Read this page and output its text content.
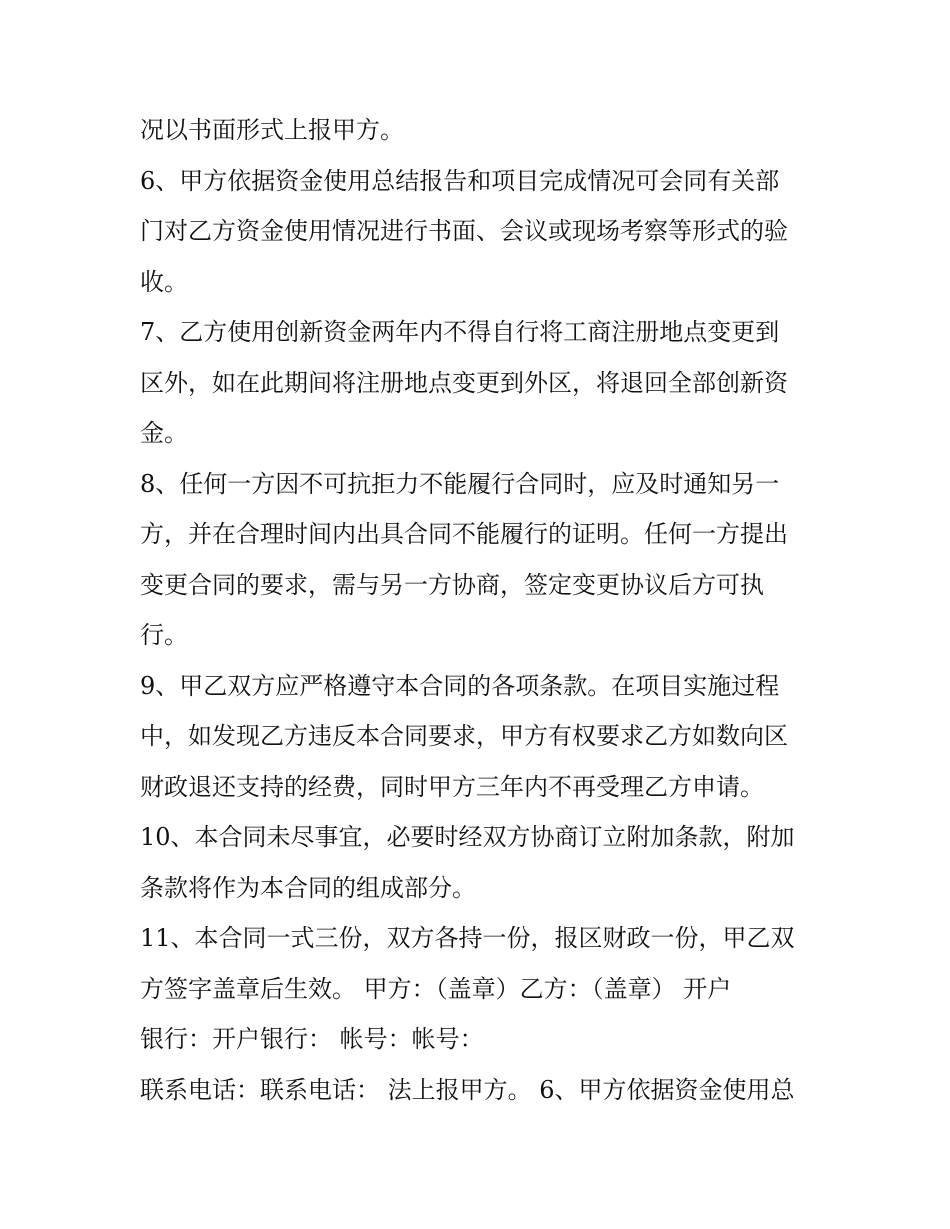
况以书面形式上报甲方。
6、甲方依据资金使用总结报告和项目完成情况可会同有关部
门对乙方资金使用情况进行书面、会议或现场考察等形式的验
收。
7、乙方使用创新资金两年内不得自行将工商注册地点变更到
区外，如在此期间将注册地点变更到外区，将退回全部创新资
金。
8、任何一方因不可抗拒力不能履行合同时，应及时通知另一
方，并在合理时间内出具合同不能履行的证明。任何一方提出
变更合同的要求，需与另一方协商，签定变更协议后方可执
行。
9、甲乙双方应严格遵守本合同的各项条款。在项目实施过程
中，如发现乙方违反本合同要求，甲方有权要求乙方如数向区
财政退还支持的经费，同时甲方三年内不再受理乙方申请。
10、本合同未尽事宜，必要时经双方协商订立附加条款，附加
条款将作为本合同的组成部分。
11、本合同一式三份，双方各持一份，报区财政一份，甲乙双
方签字盖章后生效。 甲方：（盖章）乙方：（盖章） 开户
银行：开户银行： 帐号：帐号：
联系电话：联系电话： 法上报甲方。 6、甲方依据资金使用总
